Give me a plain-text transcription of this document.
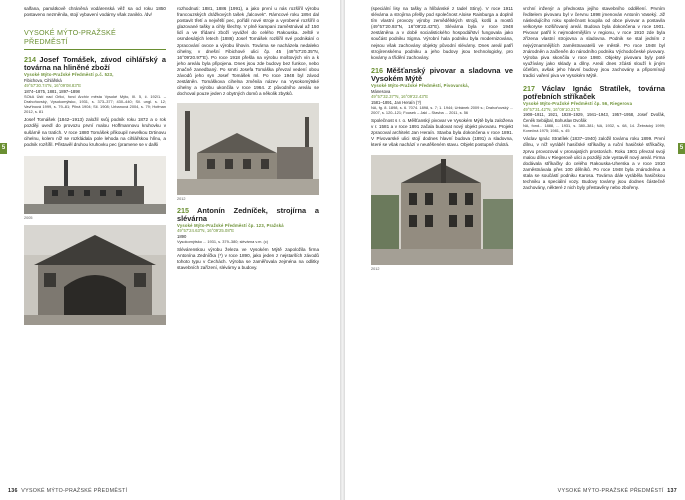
salfana, památkově chráněná vodárenská věž sa od roku 1850 postaveno nezměnila, stojí vybavení vodárny však zaniklo. /dv/

VYSOKÉ MÝTO-PRAŽSKÉ
PŘEDMĚSTÍ
214 Josef Tomášek, závod cihlářský a továrna na hliněné zboží
Vysoké Mýto-Pražské Předměstí p.č. 523,
Fibichova, Cihlářská
49°57'30.74"N, 16°09'08.83"E
1874–1875, 1881, 1897–1898
SOkA Ústí nad Orlicí, fond Archiv města Vysoké Mýto, III. 5, č. 192/1. – Drahoňovský, Vysokomýtsko, 1931, s. 373–377; 430–440; Sil. ungl. s. 12; Vavřinová 1999, s. 79–81; Pilná 1904; Sil. 1908; Urbanová 2004, s. 79; Hofman 2012, s. 81

Josef Tomášek (1842–1913) založil svůj podnik roku 1872 a o rok později uvedl do provozu první malou Hoffmannovu kruhovku v sušárně na tratích. V roce 1880 Tomášek přikoupil nevelkou Drtinovu cihelnu, kolem níž se rozkládala pole lehoda na cihlářskou hlínu, a podnik rozšířil. Přistavěl druhou kruhovku pec (pramene se v dalši

2005

rozhodnuti: 1881, 1886 (1991), a jako první u nás rozšířil výrobu francouzských drážkových tašek „falcovek". Rámcové roku 1894 dal postavit třetí a největší pec, pořídil nové stroje a vyrobené rozšířil o glazované tašky a cihly šlechty. V plně kampani zaměstnával až 150 lidí a ve třídami zboží vyvážel do celého Rakouska. Ještě v osmdesátých letech (1886) Josef Tomášek rozšířil své podnikání o zpracování ovoce a výrobu lihovin. Továrna se nacházela nedaleko cihelny, v dnešní Fibichové ulici čp. 45 (49°57'20.35"N, 16°09'20.97"E). Po roce 1918 přešla na výrobu moštových vín a k jeho areálu byla připojena. Dnes jsou zde budovy bez funkce, nebo značně zanedbaný. Po smrti Josefa Tomáška převzal vedení obou závodů jeho syn Josef Tomášek ml. Po roce 1948 byl závod zestátněn. Tomáškova cihelna změnila název na Vysokomýtské cihelny a výrobu ukončila v roce 1964. Z původního areálu se dochoval pouze jeden z obytných domů a několik zbytků.

2012
215 Antonín Zedníček, strojírna a slévárna
Vysoké Mýto-Pražské Předměstí čp. 123, Pražská
49°57'24.63"N, 16°09'25.08"E
1890
Vysokomýtsko ... 1931, s. 379–380; slévárna v.m. (c)

Slévárenskou výrobu železa ve Vysokém Mýtě zapoložila firma Antonína Zedníčka (*) v roce 1890, jako jeden z nejstarších závodů tohoto typu v Čechách. Výroba se zaměřovala zejména na odlitky stavebních zařízení, slévárny a budovy.

5
136 VYSOKÉ MÝTO-PRAŽSKÉ PŘEDMĚSTÍ

(speciální lisy na tašky a hlíbánské z tadel Stiny). V roce 1911 slévárna a strojírna přešly pod společnost Aloise Rainburga a doplnil tím vlastní provozy výroby zemědělských strojů, kotlů a mostů (49°57'20.93"N, 16°09'22.43"E). Slévárna byla v roce 1948 zestátněna a v době socialistického hospodářství fungovala jako součást podniku Sigma. Výrobní hala podniku byla modernizována, nejsou však zachovány objekty původní slévárny. Dnes areál patří strojírenskému podniku a jeho budovy jsou technologicky, pro kovárny a třídění zachovány.

216 Měšťanský pivovar a sladovna ve Vysokém Mýtě
Vysoké Mýto-Pražské Předměstí, Pivovarská,
Mánesova
49°57'32.37"N, 16°09'22.43"E
1581–1891, Jan Heraín (?)
NA, fg. 8. 1898, s. 6. 7074. 1898, s. 7; 1. 1944; Urbánek 2009 s.; Drahoňovský ... 2007, s. 120–121; Fousek – Jakl – Stavba ... 2011, s. 56

Společnost s r. o. Měšťanský pivovar ve Vysokém Mýtě byla založena v r. 1581 a v roce 1891 začala budovat nový objekt pivovaru. Projekt zpracoval architekt Jan Heraín. Stavba byla dokončena v roce 1891. V Pivovarské ulici stojí dodnes hlavní budova (1891) a sladovna, které se však nachází v neutěšeném stavu. Objekt postupně chátrá.

2012

vrchní inženýr a přednosta jejího stavebního oddělení. Prvním ředitelem pivovaru byl v červnu 1898 jmenován Antonín Vaseký. Již následujícího roku společnost koupila od obce pivovar a postavila velkoryse rozšiřovaný areál. Budova byla dokončena v roce 1901. Pivovar patřil k nejmodernějším v regionu, v roce 1910 zde byla zřízena vlastní strojovna a sladovna. Podnik se stal jedním z nejvýznamnějších zaměstnavatelů ve městě. Po roce 1948 byl znárodněn a začleněn do národního podniku Východočeské pivovary. Výroba piva skončila v roce 1980. Objekty pivovaru byly poté využívány jako sklady a dílny. Areál dnes zčásti slouží k jiným účelům, avšak jeho hlavní budovy jsou zachovány a připomínají tradici vaření piva ve Vysokém Mýtě.

217 Václav Ignác Stratílek, továrna potřebních stříkaček
Vysoké Mýto-Pražské Předměstí čp. 56, Riegerova
49°57'31.42"N, 16°09'10.21"E
1908–1911, 1921, 1928–1929, 1941–1943, 1957–1958, Josef Dvořák, Čeněk Sebájbal, Bohuslav Dvořák
NA, fond... 1888, ... 1931, s. 380–381; NA, 1932, s. 68, 14. Žebrácký 1999; Konečná 1975; 1981, s. 45

Václav Ignác Stratílek (1837–1940) založil továrnu roku 1899. První dílnu, v níž vyráběl hasičské stříkačky a ruční hasičské stříkačky, zprvu provozoval v pronajatých prostorách. Roku 1901 převzal svoji malou dílnu v Riegerově ulici a později zde vystavěl nový areál. Firma dodávala stříkačky do celého Rakouska-Uherska a v roce 1910 zaměstnávala přes 100 dělníků. Po roce 1948 byla znárodněna a stala se součástí podniku Karosa. Továrna dále vyráběla hasičskou techniku a speciální vozy. Budovy továrny jsou dodnes částečně zachovány, některé z nich byly přestavěny nebo zbořeny.

5
VYSOKÉ MÝTO-PRAŽSKÉ PŘEDMĚSTÍ 137
